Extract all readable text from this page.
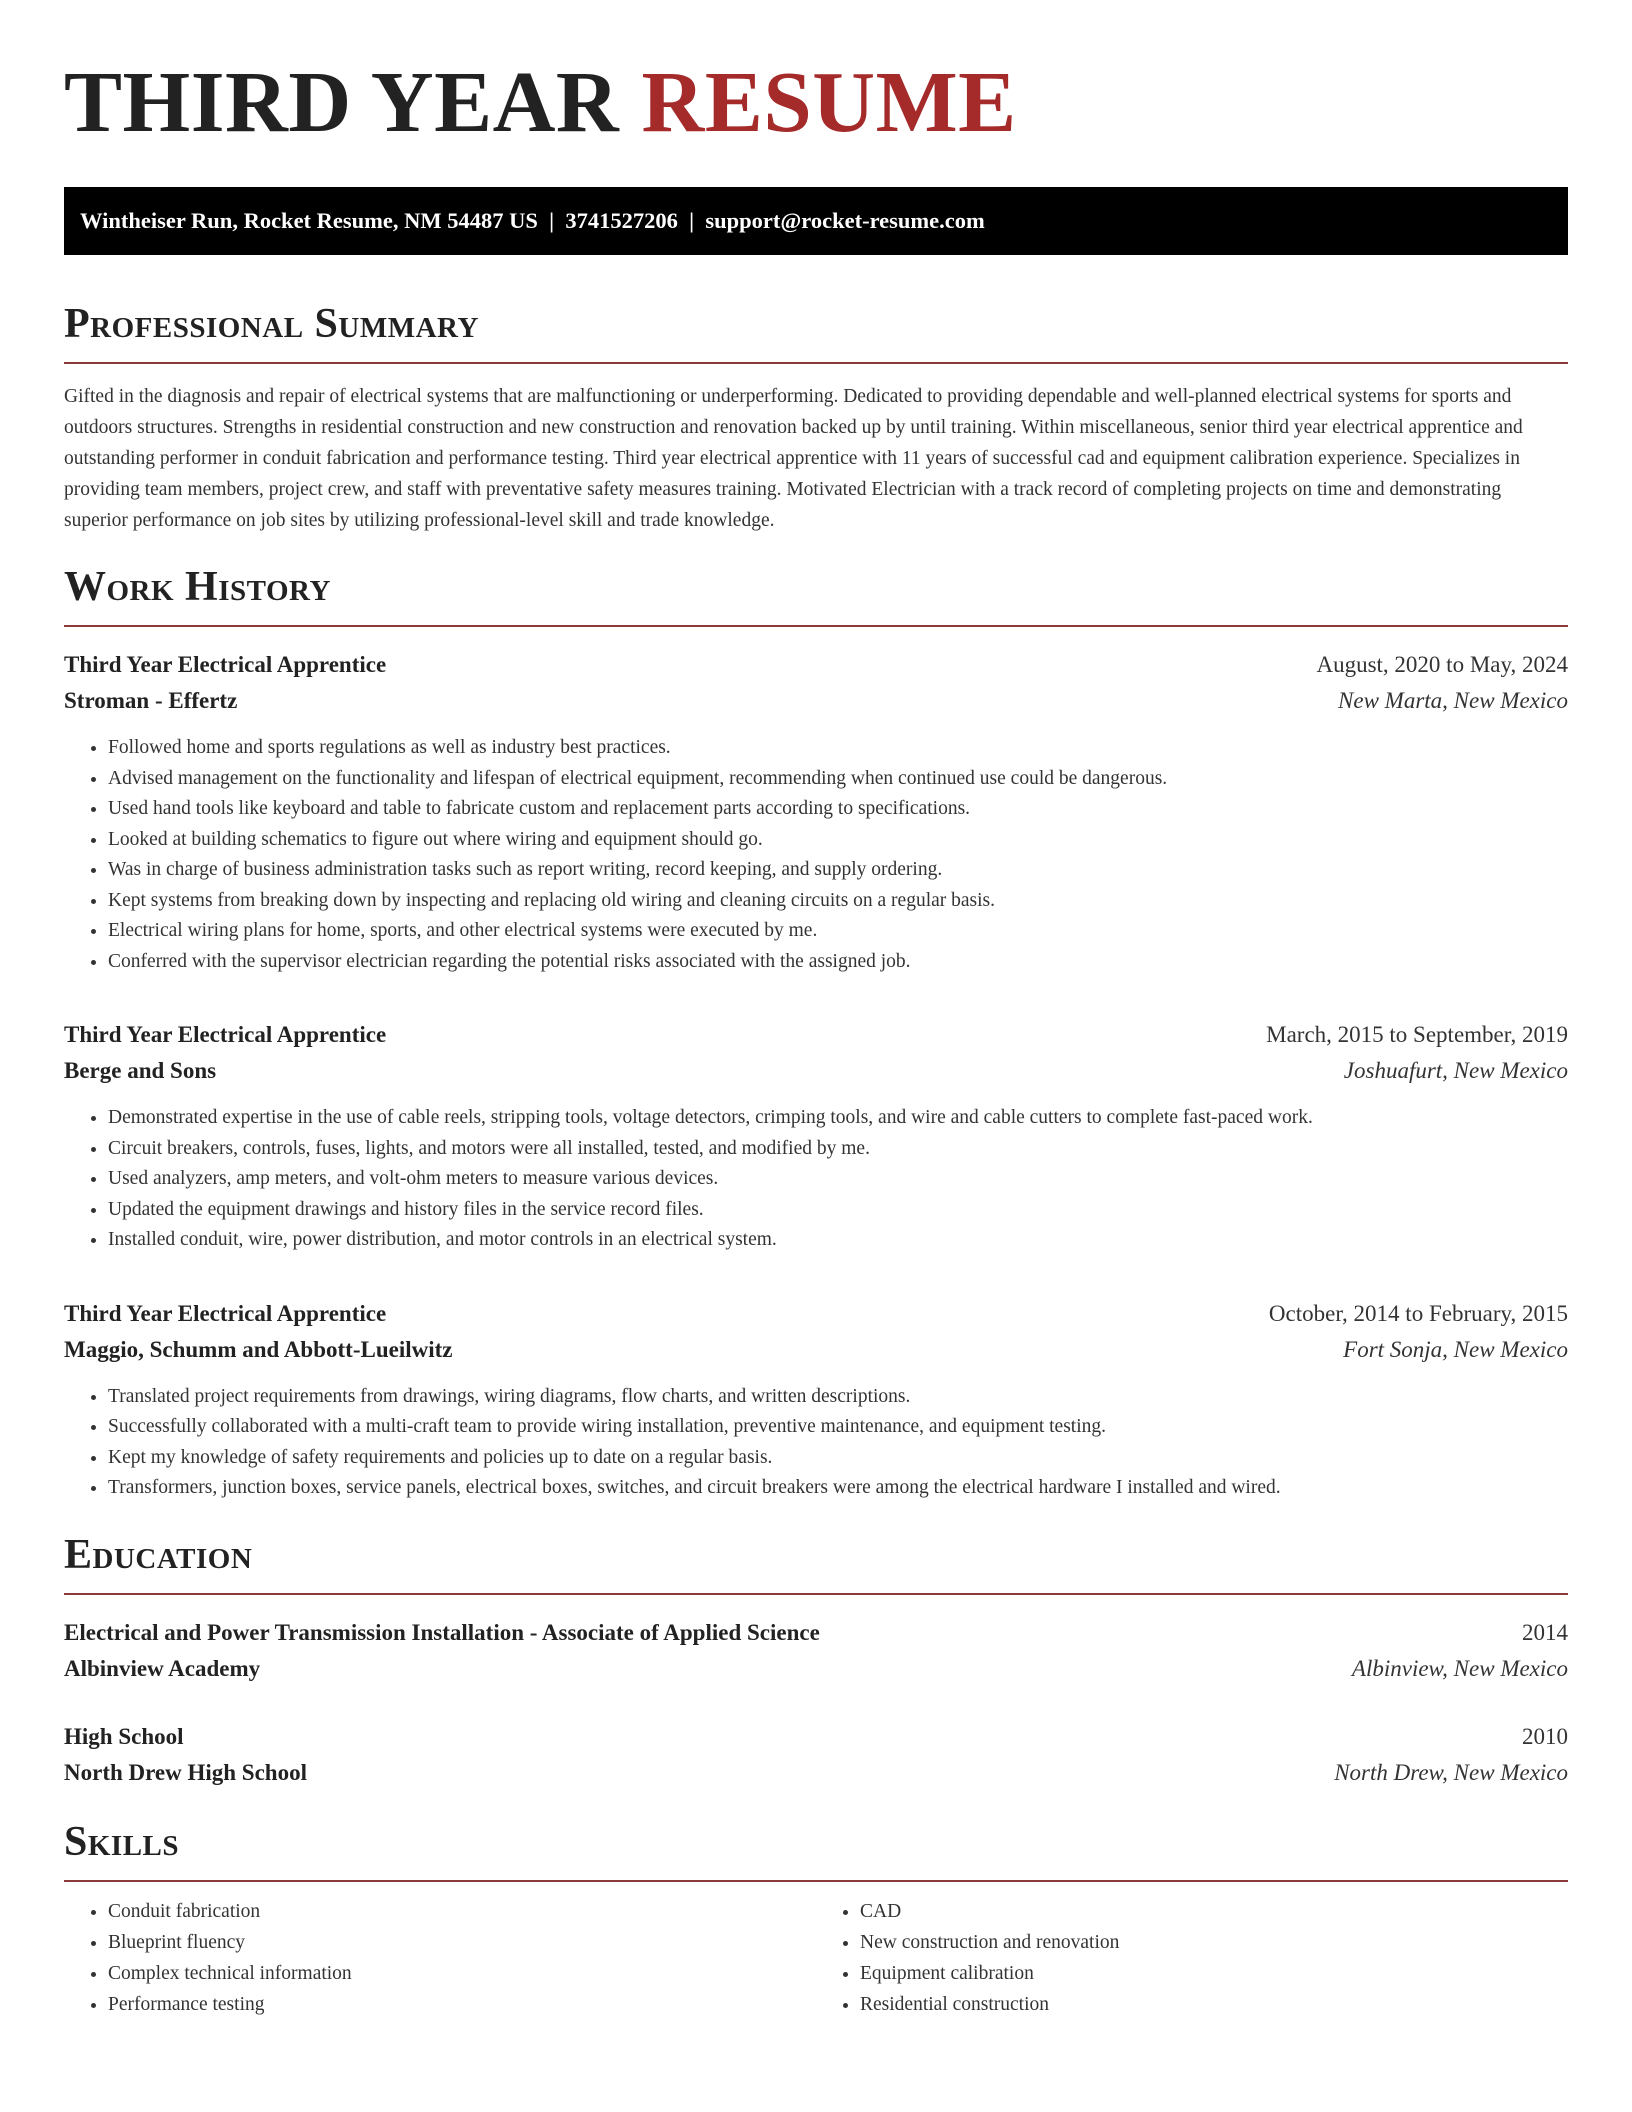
THIRD YEAR RESUME
Wintheiser Run, Rocket Resume, NM 54487 US  |  3741527206  |  support@rocket-resume.com
Professional Summary

Gifted in the diagnosis and repair of electrical systems that are malfunctioning or underperforming. Dedicated to providing dependable and well-planned electrical systems for sports and outdoors structures. Strengths in residential construction and new construction and renovation backed up by until training. Within miscellaneous, senior third year electrical apprentice and outstanding performer in conduit fabrication and performance testing. Third year electrical apprentice with 11 years of successful cad and equipment calibration experience. Specializes in providing team members, project crew, and staff with preventative safety measures training. Motivated Electrician with a track record of completing projects on time and demonstrating superior performance on job sites by utilizing professional-level skill and trade knowledge.

Work History
Third Year Electrical Apprentice	August, 2020 to May, 2024
Stroman - Effertz	New Marta, New Mexico
• Followed home and sports regulations as well as industry best practices.
• Advised management on the functionality and lifespan of electrical equipment, recommending when continued use could be dangerous.
• Used hand tools like keyboard and table to fabricate custom and replacement parts according to specifications.
• Looked at building schematics to figure out where wiring and equipment should go.
• Was in charge of business administration tasks such as report writing, record keeping, and supply ordering.
• Kept systems from breaking down by inspecting and replacing old wiring and cleaning circuits on a regular basis.
• Electrical wiring plans for home, sports, and other electrical systems were executed by me.
• Conferred with the supervisor electrician regarding the potential risks associated with the assigned job.
Third Year Electrical Apprentice	March, 2015 to September, 2019
Berge and Sons	Joshuafurt, New Mexico
• Demonstrated expertise in the use of cable reels, stripping tools, voltage detectors, crimping tools, and wire and cable cutters to complete fast-paced work.
• Circuit breakers, controls, fuses, lights, and motors were all installed, tested, and modified by me.
• Used analyzers, amp meters, and volt-ohm meters to measure various devices.
• Updated the equipment drawings and history files in the service record files.
• Installed conduit, wire, power distribution, and motor controls in an electrical system.
Third Year Electrical Apprentice	October, 2014 to February, 2015
Maggio, Schumm and Abbott-Lueilwitz	Fort Sonja, New Mexico
• Translated project requirements from drawings, wiring diagrams, flow charts, and written descriptions.
• Successfully collaborated with a multi-craft team to provide wiring installation, preventive maintenance, and equipment testing.
• Kept my knowledge of safety requirements and policies up to date on a regular basis.
• Transformers, junction boxes, service panels, electrical boxes, switches, and circuit breakers were among the electrical hardware I installed and wired.
Education
Electrical and Power Transmission Installation - Associate of Applied Science	2014
Albinview Academy	Albinview, New Mexico
High School	2010
North Drew High School	North Drew, New Mexico
Skills
• Conduit fabrication
• Blueprint fluency
• Complex technical information
• Performance testing
• CAD
• New construction and renovation
• Equipment calibration
• Residential construction
